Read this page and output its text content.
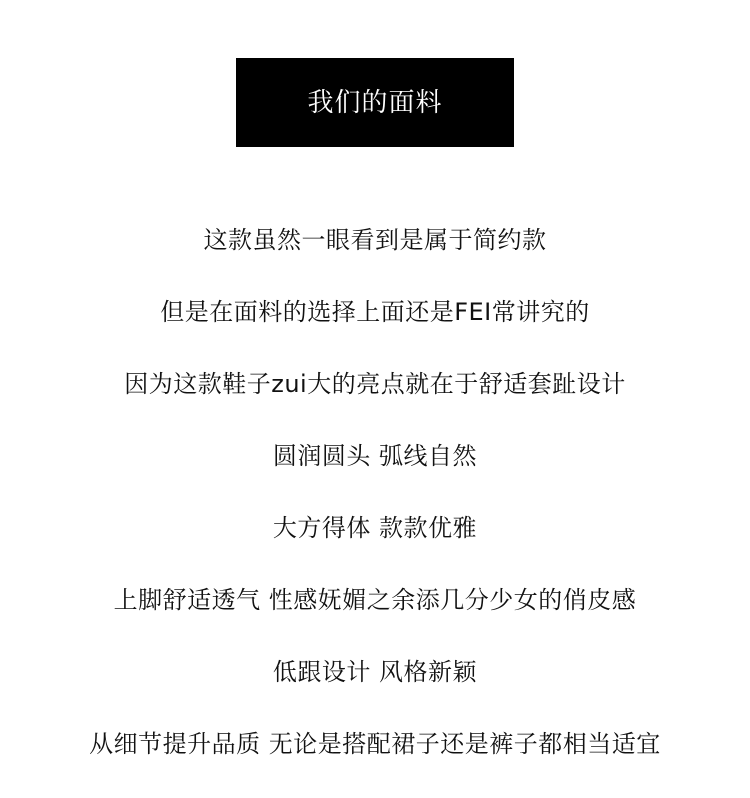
我们的面料
这款虽然一眼看到是属于简约款
但是在面料的选择上面还是FEI常讲究的
因为这款鞋子zui大的亮点就在于舒适套趾设计
圆润圆头 弧线自然
大方得体 款款优雅
上脚舒适透气 性感妩媚之余添几分少女的俏皮感
低跟设计 风格新颖
从细节提升品质 无论是搭配裙子还是裤子都相当适宜
